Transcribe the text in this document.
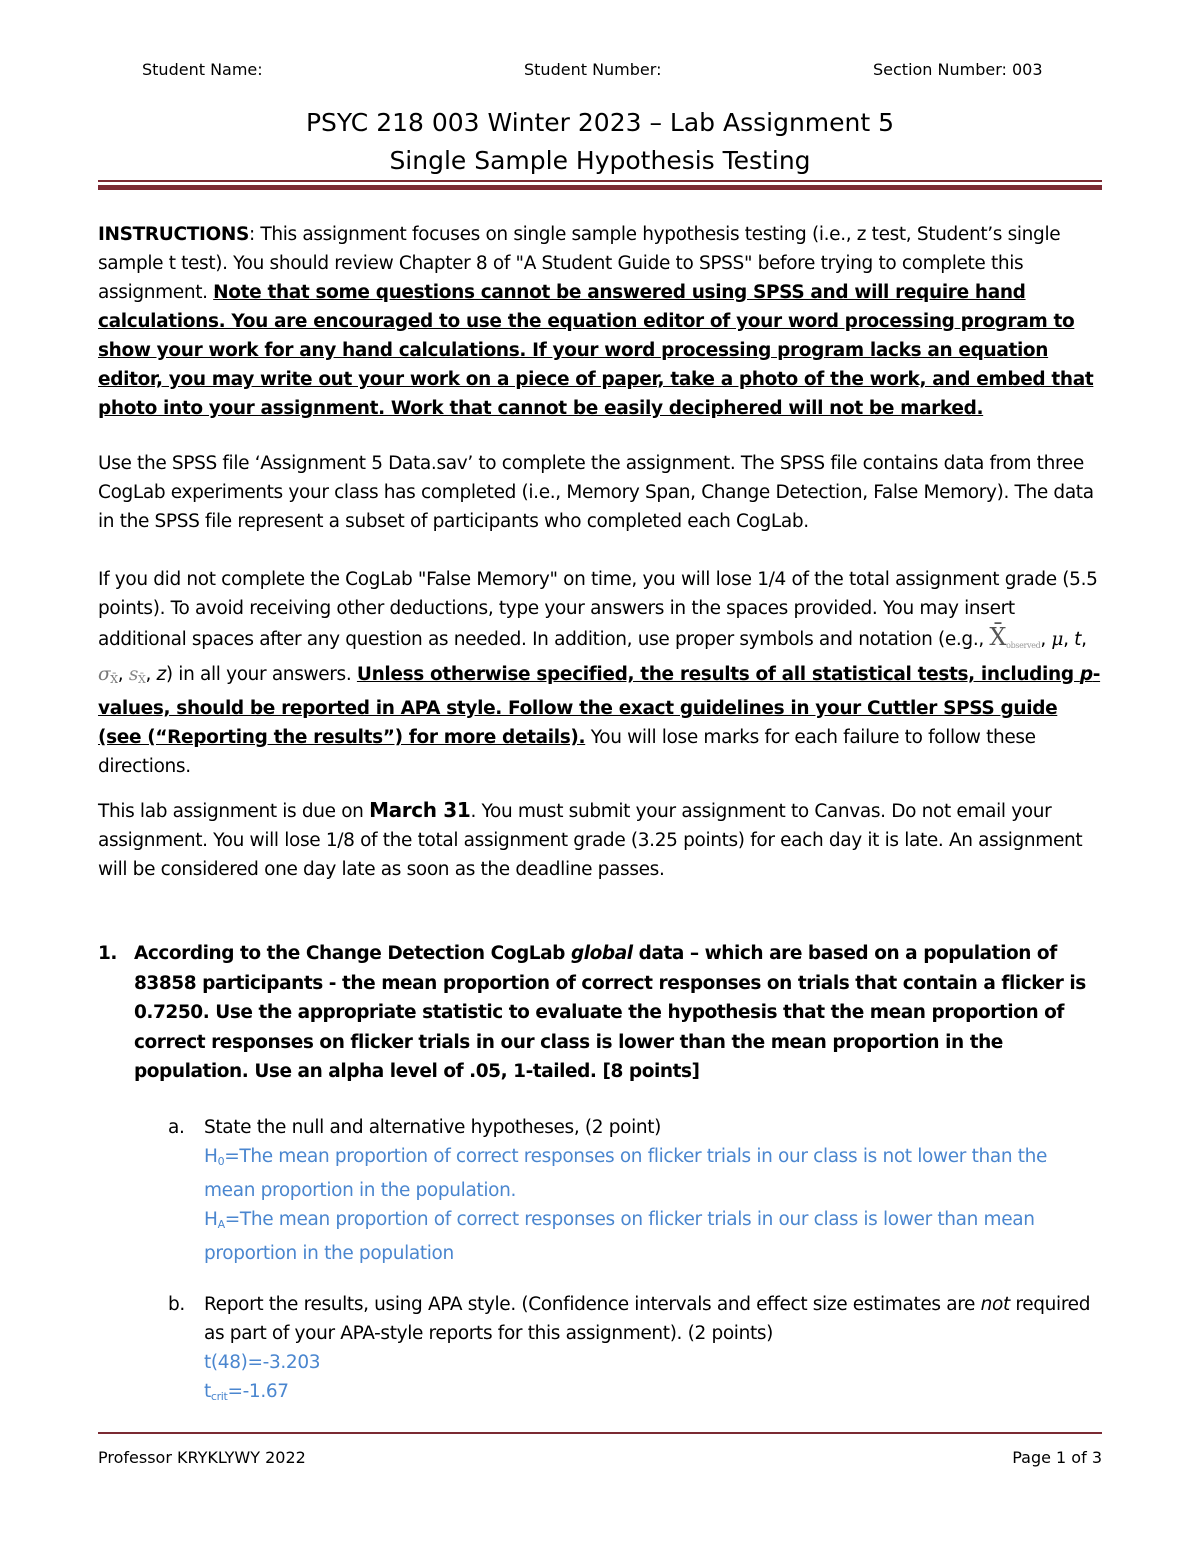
Student Name:	Student Number:	Section Number: 003
PSYC 218 003 Winter 2023 – Lab Assignment 5
Single Sample Hypothesis Testing

INSTRUCTIONS: This assignment focuses on single sample hypothesis testing (i.e., z test, Student’s single sample t test). You should review Chapter 8 of "A Student Guide to SPSS" before trying to complete this assignment. Note that some questions cannot be answered using SPSS and will require hand calculations. You are encouraged to use the equation editor of your word processing program to show your work for any hand calculations. If your word processing program lacks an equation editor, you may write out your work on a piece of paper, take a photo of the work, and embed that photo into your assignment. Work that cannot be easily deciphered will not be marked.

Use the SPSS file ‘Assignment 5 Data.sav’ to complete the assignment. The SPSS file contains data from three CogLab experiments your class has completed (i.e., Memory Span, Change Detection, False Memory). The data in the SPSS file represent a subset of participants who completed each CogLab.

If you did not complete the CogLab "False Memory" on time, you will lose 1/4 of the total assignment grade (5.5 points). To avoid receiving other deductions, type your answers in the spaces provided. You may insert additional spaces after any question as needed. In addition, use proper symbols and notation (e.g., $X̄_{observed}$, μ, t, $\sigma_{X̄}$, $s_{X̄}$, z) in all your answers. Unless otherwise specified, the results of all statistical tests, including p-values, should be reported in APA style. Follow the exact guidelines in your Cuttler SPSS guide (see (“Reporting the results”) for more details). You will lose marks for each failure to follow these directions.

This lab assignment is due on March 31. You must submit your assignment to Canvas. Do not email your assignment. You will lose 1/8 of the total assignment grade (3.25 points) for each day it is late. An assignment will be considered one day late as soon as the deadline passes.

1. According to the Change Detection CogLab global data – which are based on a population of 83858 participants - the mean proportion of correct responses on trials that contain a flicker is 0.7250. Use the appropriate statistic to evaluate the hypothesis that the mean proportion of correct responses on flicker trials in our class is lower than the mean proportion in the population. Use an alpha level of .05, 1-tailed. [8 points]
a. State the null and alternative hypotheses, (2 point)
$H_0=The$ mean proportion of correct responses on flicker trials in our class is not lower than the mean proportion in the population.
$H_A=The$ mean proportion of correct responses on flicker trials in our class is lower than mean proportion in the population
b. Report the results, using APA style. (Confidence intervals and effect size estimates are not required as part of your APA-style reports for this assignment). (2 points)
t(48)=-3.203
$t_{crit}=-1.67$
Professor KRYKLYWY 2022	Page 1 of 3
